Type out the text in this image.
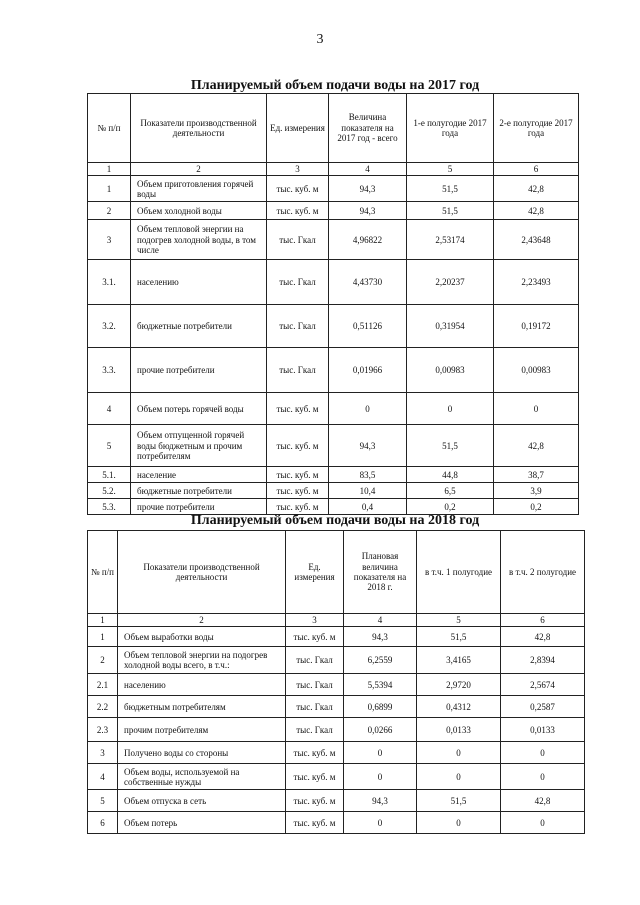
3
Планируемый объем подачи воды на 2017 год
№ п/п	Показатели производственной деятельности	Ед. измерения	Величина показателя на 2017 год - всего	1-е полугодие 2017 года	2-е полугодие 2017 года
1	2	3	4	5	6
1	Объем приготовления горячей воды	тыс. куб. м	94,3	51,5	42,8
2	Объем холодной воды	тыс. куб. м	94,3	51,5	42,8
3	Объем тепловой энергии на подогрев холодной воды, в том числе	тыс. Гкал	4,96822	2,53174	2,43648
3.1.	населению	тыс. Гкал	4,43730	2,20237	2,23493
3.2.	бюджетные потребители	тыс. Гкал	0,51126	0,31954	0,19172
3.3.	прочие потребители	тыс. Гкал	0,01966	0,00983	0,00983
4	Объем потерь горячей воды	тыс. куб. м	0	0	0
5	Объем отпущенной горячей воды бюджетным и прочим потребителям	тыс. куб. м	94,3	51,5	42,8
5.1.	население	тыс. куб. м	83,5	44,8	38,7
5.2.	бюджетные потребители	тыс. куб. м	10,4	6,5	3,9
5.3.	прочие потребители	тыс. куб. м	0,4	0,2	0,2
Планируемый объем подачи воды на 2018 год
№ п/п	Показатели производственной деятельности	Ед. измерения	Плановая величина показателя на 2018 г.	в т.ч. 1 полугодие	в т.ч. 2 полугодие
1	2	3	4	5	6
1	Объем выработки воды	тыс. куб. м	94,3	51,5	42,8
2	Объем тепловой энергии на подогрев холодной воды всего, в т.ч.:	тыс. Гкал	6,2559	3,4165	2,8394
2.1	населению	тыс. Гкал	5,5394	2,9720	2,5674
2.2	бюджетным потребителям	тыс. Гкал	0,6899	0,4312	0,2587
2.3	прочим потребителям	тыс. Гкал	0,0266	0,0133	0,0133
3	Получено воды со стороны	тыс. куб. м	0	0	0
4	Объем воды, используемой на собственные нужды	тыс. куб. м	0	0	0
5	Объем отпуска в сеть	тыс. куб. м	94,3	51,5	42,8
6	Объем потерь	тыс. куб. м	0	0	0
